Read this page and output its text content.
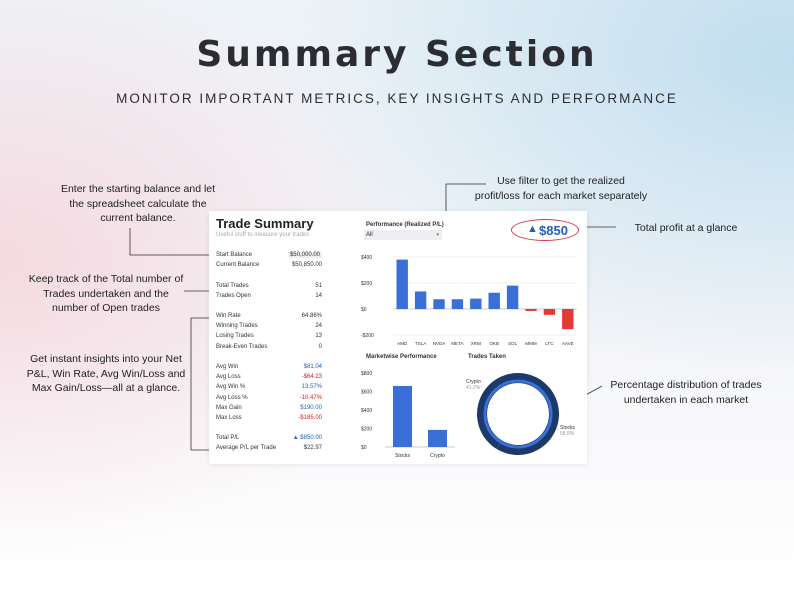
Summary Section
MONITOR IMPORTANT METRICS, KEY INSIGHTS AND PERFORMANCE
Enter the starting balance and let
the spreadsheet calculate the
current balance.
Use filter to get the realized
profit/loss for each market separately
Total profit at a glance
Keep track of the Total number of
Trades undertaken and the
number of Open trades
Get instant insights into your Net
P&L, Win Rate, Avg Win/Loss and
Max Gain/Loss—all at a glance.	Percentage distribution of trades
undertaken in each market
Trade Summary
Useful stuff to measure your trades
Start Balance	$50,000.00
Current Balance	$50,850.00
Total Trades	51
Trades Open	14
Win Rate	64.86%
Winning Trades	24
Losing Trades	13
Break-Even Trades	0
Avg Win	$81.04
Avg Loss	-$64.23
Avg Win %	13.57%
Avg Loss %	-10.47%
Max Gain	$190.00
Max Loss	-$185.00
Total P/L	▲ $850.00
Average P/L per Trade	$22.97
Performance (Realized P/L)
All	▾	▲ $850
$400
$200
$0
-$200
AMD TSLA NVDA META XRM OKB SOL MMM LTC AAVE
Marketwise Performance	Trades Taken
$800
$600
$400
$200
$0
Stocks	Crypto
Crypto
41.2%
Stocks
58.8%
